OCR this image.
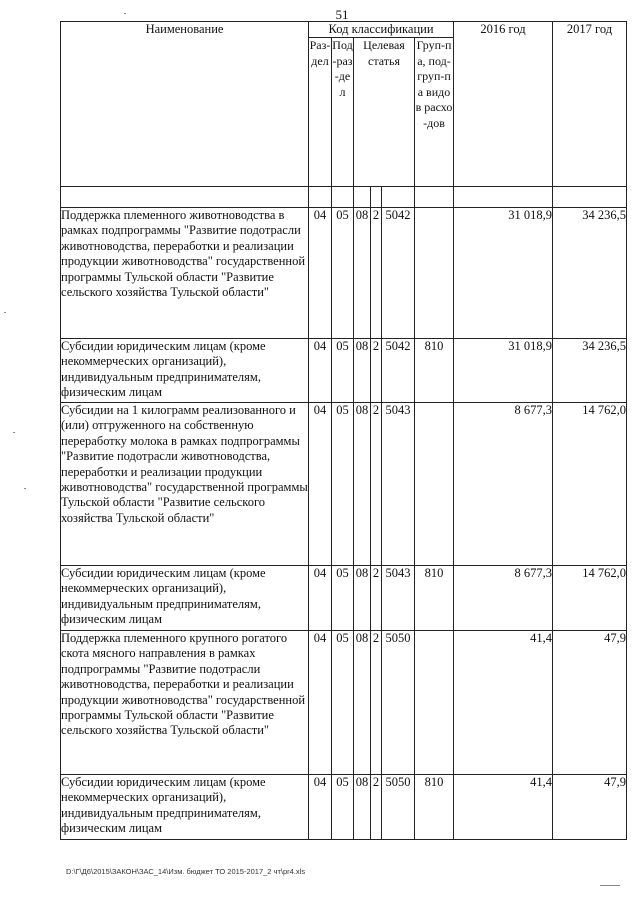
51
Наименование	Код классификации						2016 год	2017 год
	Раз-дел	Под-раз-дел	Целевая статья			Груп-па, под-груп-па видов расхо-дов		

Поддержка племенного животноводства в рамках подпрограммы "Развитие подотрасли животноводства, переработки и реализации продукции животноводства" государственной программы Тульской области "Развитие сельского хозяйства Тульской области"	04	05	08	2	5042		31 018,9	34 236,5
Субсидии юридическим лицам (кроме некоммерческих организаций), индивидуальным предпринимателям, физическим лицам	04	05	08	2	5042	810	31 018,9	34 236,5
Субсидии на 1 килограмм реализованного и (или) отгруженного на собственную переработку молока в рамках подпрограммы "Развитие подотрасли животноводства, переработки и реализации продукции животноводства" государственной программы Тульской области "Развитие сельского хозяйства Тульской области"	04	05	08	2	5043		8 677,3	14 762,0
Субсидии юридическим лицам (кроме некоммерческих организаций), индивидуальным предпринимателям, физическим лицам	04	05	08	2	5043	810	8 677,3	14 762,0
Поддержка племенного крупного рогатого скота мясного направления в рамках подпрограммы "Развитие подотрасли животноводства, переработки и реализации продукции животноводства" государственной программы Тульской области "Развитие сельского хозяйства Тульской области"	04	05	08	2	5050		41,4	47,9
Субсидии юридическим лицам (кроме некоммерческих организаций), индивидуальным предпринимателям, физическим лицам	04	05	08	2	5050	810	41,4	47,9
D:\Г\Д6\2015\ЗАКОН\ЗАС_14\Изм. бюджет ТО 2015-2017_2 чт\pr4.xls
